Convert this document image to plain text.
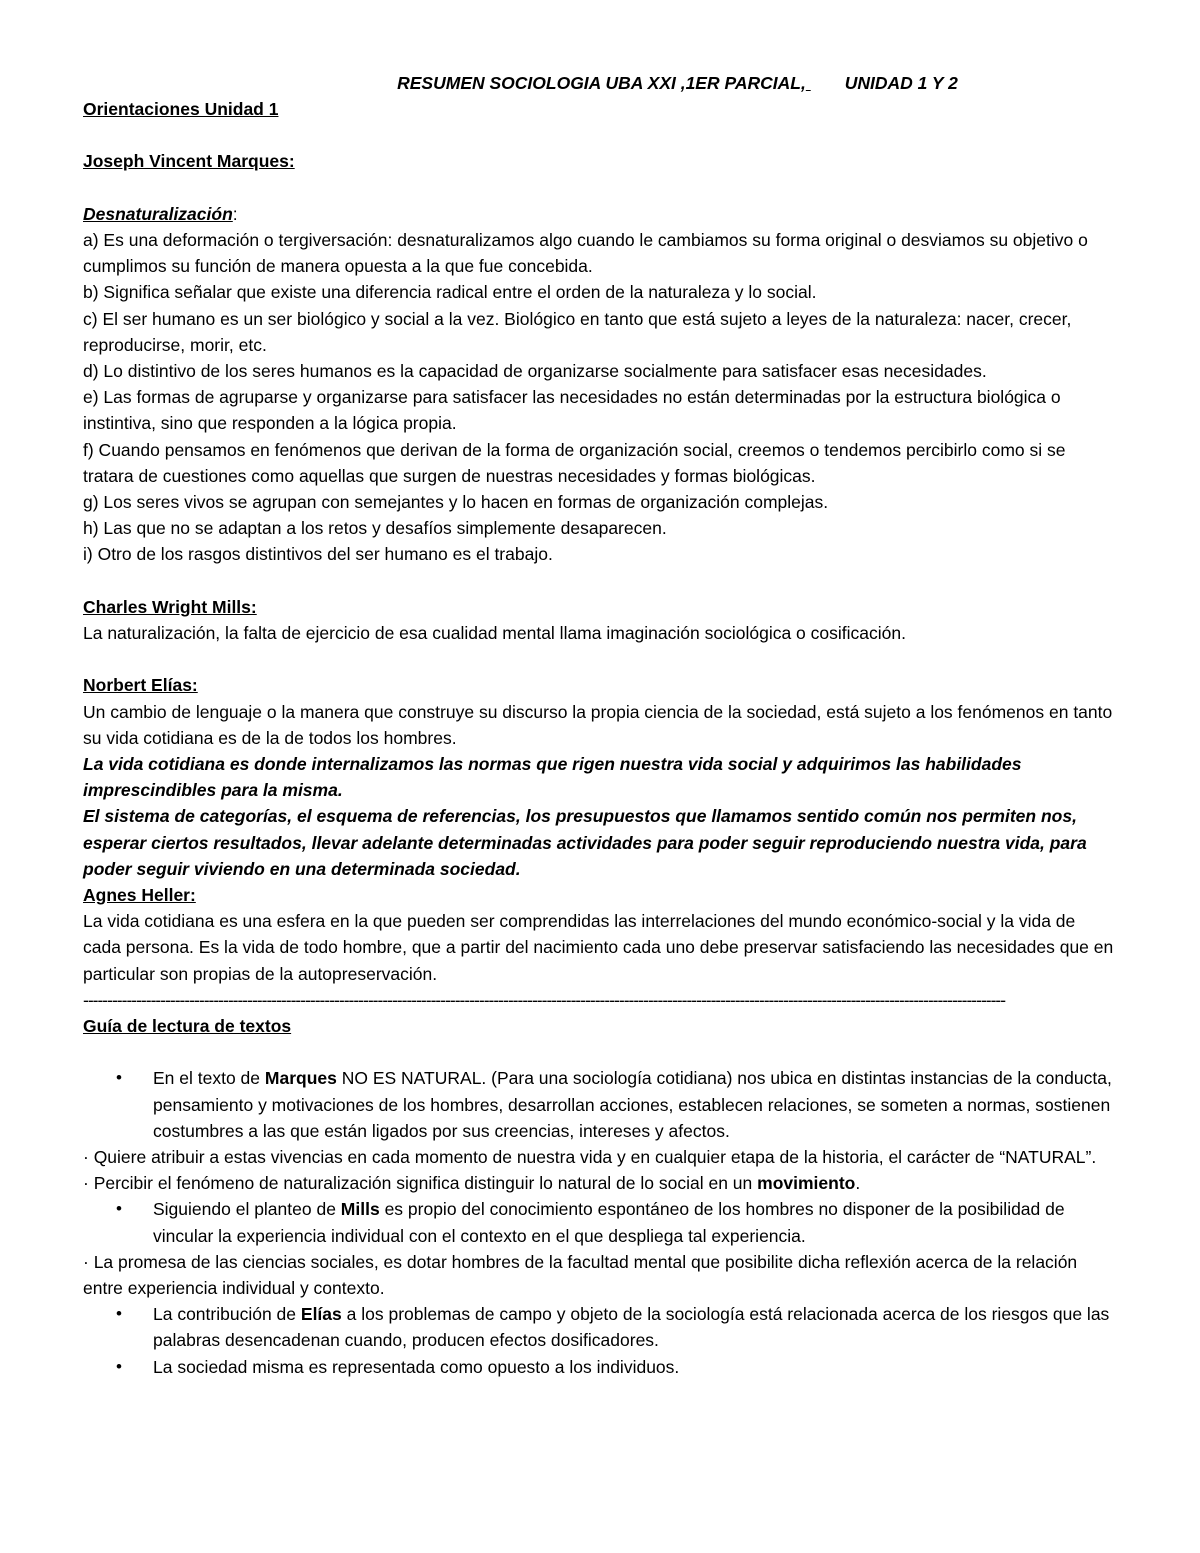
RESUMEN SOCIOLOGIA UBA XXI ,1ER PARCIAL, UNIDAD 1 Y 2

Orientaciones Unidad 1

Joseph Vincent Marques:

Desnaturalización:

a) Es una deformación o tergiversación: desnaturalizamos algo cuando le cambiamos su forma original o desviamos su objetivo o cumplimos su función de manera opuesta a la que fue concebida.

b) Significa señalar que existe una diferencia radical entre el orden de la naturaleza y lo social.

c) El ser humano es un ser biológico y social a la vez. Biológico en tanto que está sujeto a leyes de la naturaleza: nacer, crecer, reproducirse, morir, etc.

d) Lo distintivo de los seres humanos es la capacidad de organizarse socialmente para satisfacer esas necesidades.

e) Las formas de agruparse y organizarse para satisfacer las necesidades no están determinadas por la estructura biológica o instintiva, sino que responden a la lógica propia.

f) Cuando pensamos en fenómenos que derivan de la forma de organización social, creemos o tendemos percibirlo como si se tratara de cuestiones como aquellas que surgen de nuestras necesidades y formas biológicas.

g) Los seres vivos se agrupan con semejantes y lo hacen en formas de organización complejas.

h) Las que no se adaptan a los retos y desafíos simplemente desaparecen.

i) Otro de los rasgos distintivos del ser humano es el trabajo.

Charles Wright Mills:

La naturalización, la falta de ejercicio de esa cualidad mental llama imaginación sociológica o cosificación.

Norbert Elías:

Un cambio de lenguaje o la manera que construye su discurso la propia ciencia de la sociedad, está sujeto a los fenómenos en tanto su vida cotidiana es de la de todos los hombres.

La vida cotidiana es donde internalizamos las normas que rigen nuestra vida social y adquirimos las habilidades imprescindibles para la misma.

El sistema de categorías, el esquema de referencias, los presupuestos que llamamos sentido común nos permiten nos, esperar ciertos resultados, llevar adelante determinadas actividades para poder seguir reproduciendo nuestra vida, para poder seguir viviendo en una determinada sociedad.

Agnes Heller:

La vida cotidiana es una esfera en la que pueden ser comprendidas las interrelaciones del mundo económico-social y la vida de cada persona. Es la vida de todo hombre, que a partir del nacimiento cada uno debe preservar satisfaciendo las necesidades que en particular son propias de la autopreservación.

-----------------------------------------------------------------------------------------------------------------------------------------------------------------------------------------------

Guía de lectura de textos

• En el texto de Marques NO ES NATURAL. (Para una sociología cotidiana) nos ubica en distintas instancias de la conducta, pensamiento y motivaciones de los hombres, desarrollan acciones, establecen relaciones, se someten a normas, sostienen costumbres a las que están ligados por sus creencias, intereses y afectos.

· Quiere atribuir a estas vivencias en cada momento de nuestra vida y en cualquier etapa de la historia, el carácter de “NATURAL”.

· Percibir el fenómeno de naturalización significa distinguir lo natural de lo social en un movimiento.

• Siguiendo el planteo de Mills es propio del conocimiento espontáneo de los hombres no disponer de la posibilidad de vincular la experiencia individual con el contexto en el que despliega tal experiencia.

· La promesa de las ciencias sociales, es dotar hombres de la facultad mental que posibilite dicha reflexión acerca de la relación entre experiencia individual y contexto.

• La contribución de Elías a los problemas de campo y objeto de la sociología está relacionada acerca de los riesgos que las palabras desencadenan cuando, producen efectos dosificadores.
• La sociedad misma es representada como opuesto a los individuos.
